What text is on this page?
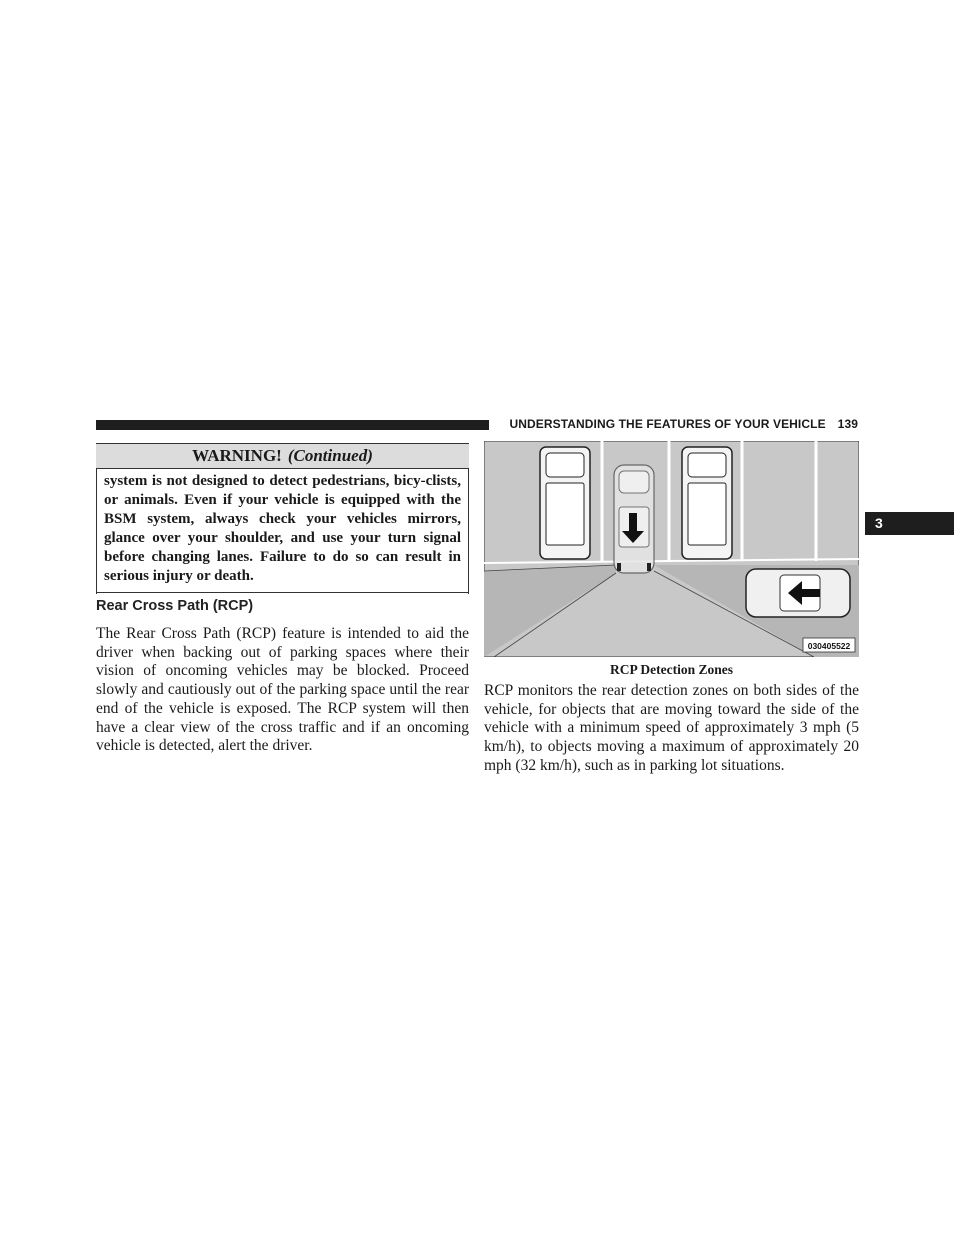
UNDERSTANDING THE FEATURES OF YOUR VEHICLE 139
3
WARNING! (Continued)
system is not designed to detect pedestrians, bicy-clists, or animals. Even if your vehicle is equipped with the BSM system, always check your vehicles mirrors, glance over your shoulder, and use your turn signal before changing lanes. Failure to do so can result in serious injury or death.
Rear Cross Path (RCP)
The Rear Cross Path (RCP) feature is intended to aid the driver when backing out of parking spaces where their vision of oncoming vehicles may be blocked. Proceed slowly and cautiously out of the parking space until the rear end of the vehicle is exposed. The RCP system will then have a clear view of the cross traffic and if an oncoming vehicle is detected, alert the driver.
030405522
RCP Detection Zones
RCP monitors the rear detection zones on both sides of the vehicle, for objects that are moving toward the side of the vehicle with a minimum speed of approximately 3 mph (5 km/h), to objects moving a maximum of approximately 20 mph (32 km/h), such as in parking lot situations.
